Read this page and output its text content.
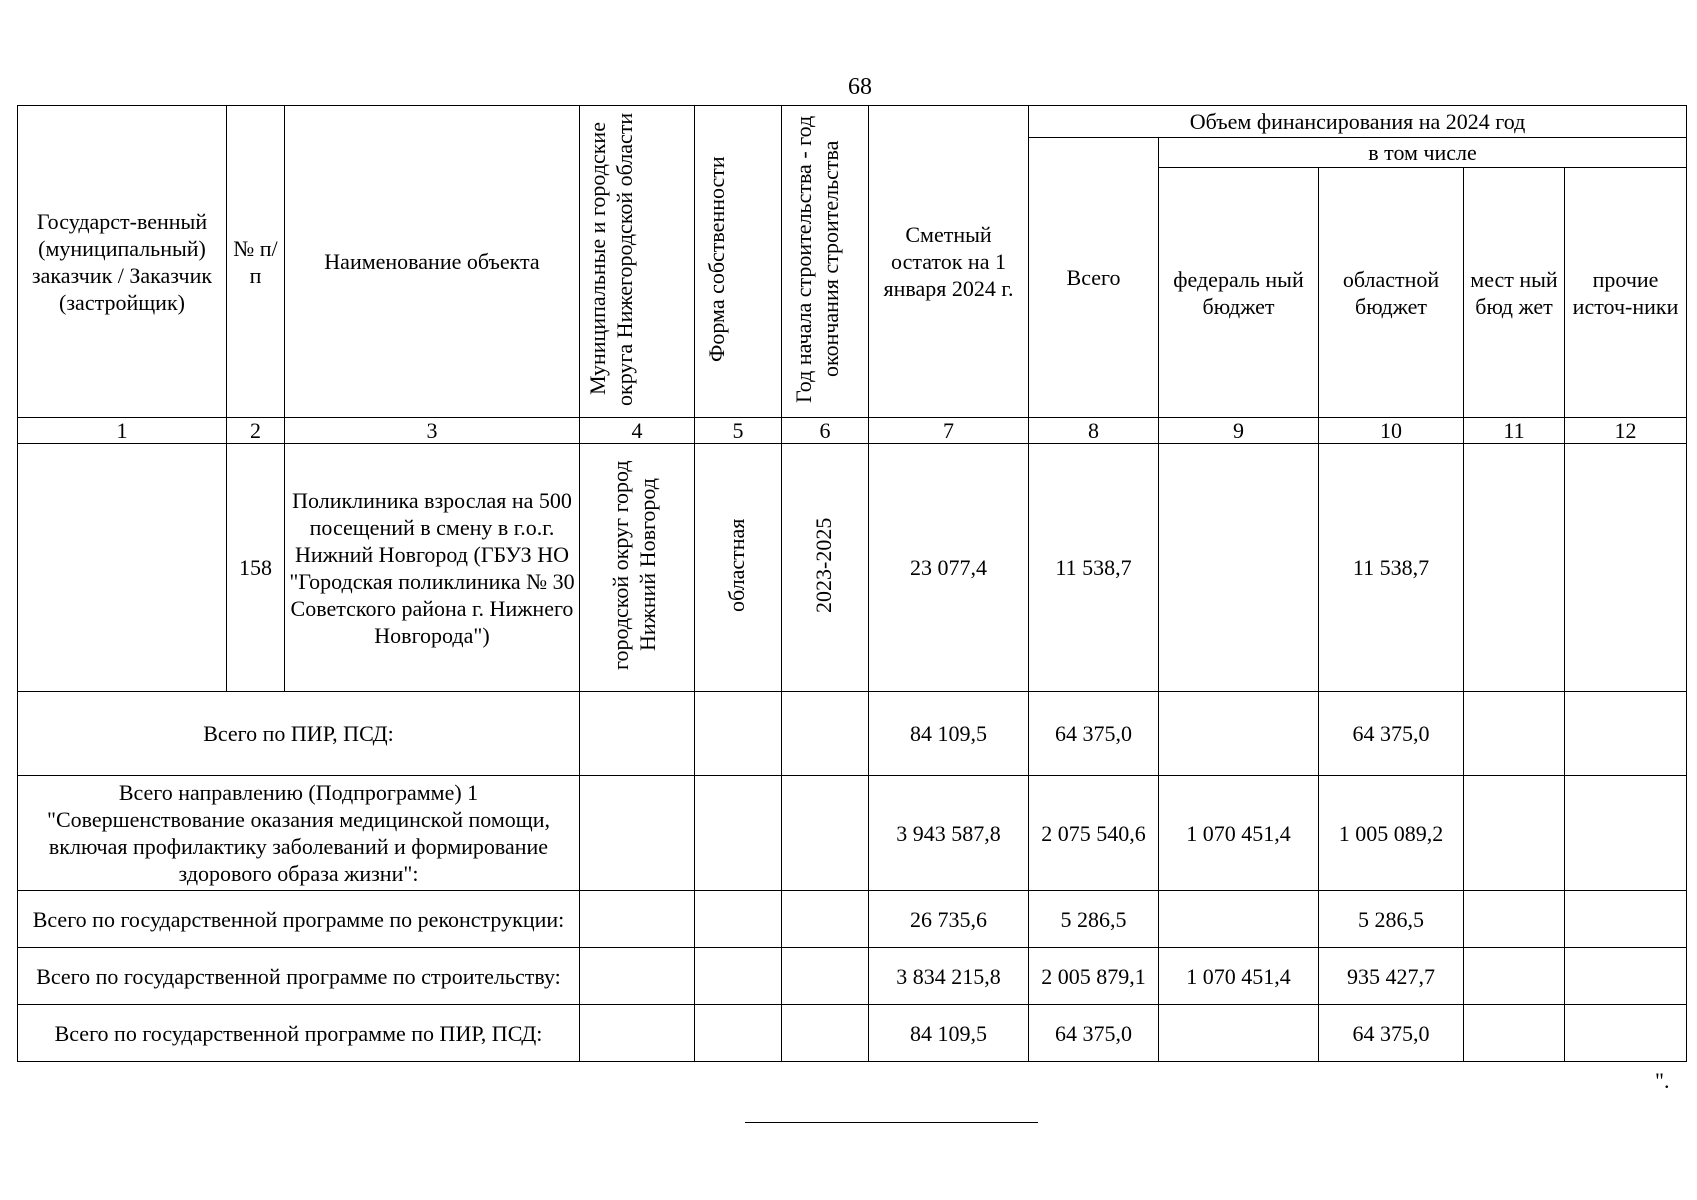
68
Государст-венный (муниципальный) заказчик / Заказчик (застройщик)	№ п/п	Наименование объекта	Муниципальные и городские округа Нижегородской области	Форма собственности	Год начала строительства - год окончания строительства	Сметный остаток на 1 января 2024 г.	Объем финансирования на 2024 год				
							Всего	в том числе			
								федераль ный бюджет	областной бюджет	мест ный бюд жет	прочие источ-ники
1	2	3	4	5	6	7	8	9	10	11	12
	158	Поликлиника взрослая на 500 посещений в смену в г.о.г. Нижний Новгород (ГБУЗ НО "Городская поликлиника № 30 Советского района г. Нижнего Новгорода")	городской округ город Нижний Новгород	областная	2023-2025	23 077,4	11 538,7		11 538,7		
Всего по ПИР, ПСД:						84 109,5	64 375,0		64 375,0		
Всего направлению (Подпрограмме) 1 "Совершенствование оказания медицинской помощи, включая профилактику заболеваний и формирование здорового образа жизни":						3 943 587,8	2 075 540,6	1 070 451,4	1 005 089,2		
Всего по государственной программе по реконструкции:						26 735,6	5 286,5		5 286,5		
Всего по государственной программе по строительству:						3 834 215,8	2 005 879,1	1 070 451,4	935 427,7		
Всего по государственной программе по ПИР, ПСД:						84 109,5	64 375,0		64 375,0		
".
